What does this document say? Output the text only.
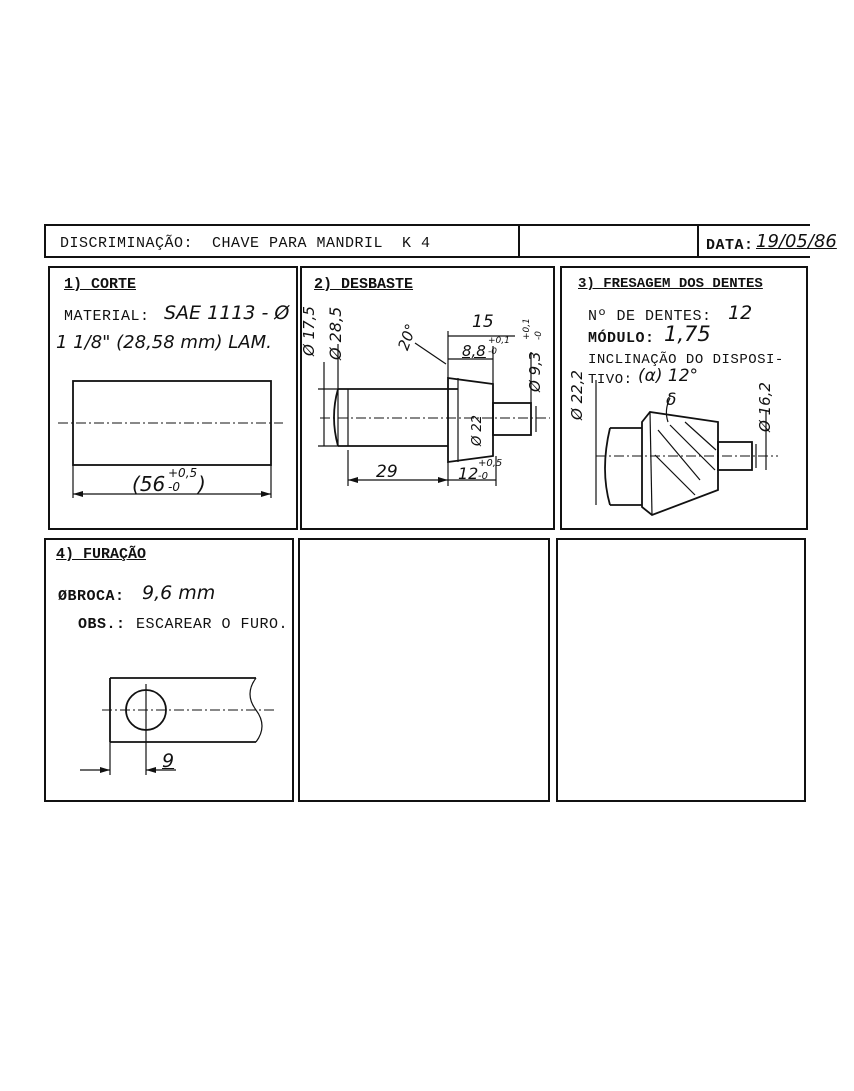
DISCRIMINAÇÃO: CHAVE PARA MANDRIL  K 4	DATA: 19/05/86
1) CORTE
MATERIAL: SAE 1113 - Ø
1 1/8" (28,58 mm) LAM.
(56 +0,5
-0 )
2) DESBASTE
Ø 17,5 Ø 28,5	20°	15
8,8
+0,1
-0 Ø 9,3
+0,1 -0
Ø 22
29	12
+0,5
-0
3) FRESAGEM DOS DENTES
Nº DE DENTES: 12
MÓDULO: 1,75
INCLINAÇÃO DO DISPOSI-
TIVO: (α) 12°
Ø 22,2	Ø 16,2
δ
4) FURAÇÃO
ØBROCA: 9,6 mm
OBS.: ESCAREAR O FURO.
9
